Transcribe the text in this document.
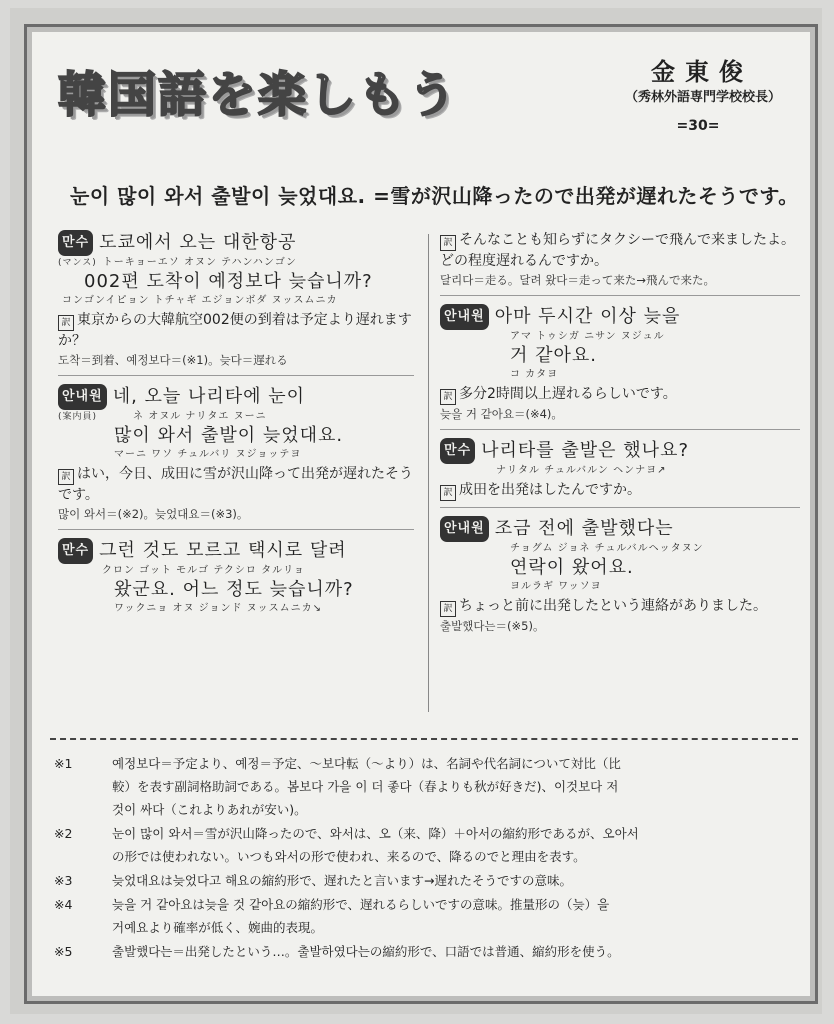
韓国語を楽しもう	金東俊
（秀林外語専門学校校長）
=30=
눈이 많이 와서 출발이 늦었대요. =雪が沢山降ったので出発が遅れたそうです。
만수 도쿄에서 오는 대한항공
(マンス) トーキョーエソ オヌン テハンハンゴン
002편 도착이 예정보다 늦습니까?
コンゴンイピョン トチャギ エジョンボダ ヌッスムニカ
訳 東京からの大韓航空002便の到着は予定より遅れますか？
도착＝到着、예정보다＝(※1)。늦다＝遅れる
안내원 네, 오늘 나리타에 눈이
(案内員)	ネ オヌル ナリタエ ヌーニ
많이 와서 출발이 늦었대요.
マーニ ワソ チュルバリ ヌジョッテヨ
訳 はい，今日、成田に雪が沢山降って出発が遅れたそうです。
많이 와서＝(※2)。늦었대요＝(※3)。
만수 그런 것도 모르고 택시로 달려
クロン ゴット モルゴ テクシロ タルリョ
왔군요. 어느 정도 늦습니까?
ワックニョ オヌ ジョンド ヌッスムニカ↘
訳 そんなことも知らずにタクシーで飛んで来ましたよ。どの程度遅れるんですか。
달리다＝走る。달려 왔다＝走って来た→飛んで来た。
안내원 아마 두시간 이상 늦을
アマ トゥシガ ニサン ヌジュル
거 같아요.
コ カタヨ
訳 多分2時間以上遅れるらしいです。
늦을 거 같아요＝(※4)。
만수 나리타를 출발은 했나요?
ナリタル チュルバルン ヘンナヨ↗
訳 成田を出発はしたんですか。
안내원 조금 전에 출발했다는
チョグム ジョネ チュルバルヘッタヌン
연락이 왔어요.
ヨルラギ ワッソヨ
訳 ちょっと前に出発したという連絡がありました。
출발했다는＝(※5)。
※1	예정보다＝予定より、예정＝予定、～보다転（～より）は、名詞や代名詞について対比（比
較）を表す副詞格助詞である。봄보다 가을 이 더 좋다（春よりも秋が好きだ)、이것보다 저
것이 싸다（これよりあれが安い)。
※2	눈이 많이 와서＝雪が沢山降ったので、와서は、오（来、降）＋아서の縮約形であるが、오아서
の形では使われない。いつも와서の形で使われ、来るので、降るのでと理由を表す。
※3	늦었대요は늦었다고 해요の縮約形で、遅れたと言います→遅れたそうですの意味。
※4	늦을 거 같아요は늦을 것 같아요の縮約形で、遅れるらしいですの意味。推量形の（늦）을
거예요より確率が低く、婉曲的表現。
※5	출발했다는＝出発したという…。출발하였다는の縮約形で、口語では普通、縮約形を使う。
